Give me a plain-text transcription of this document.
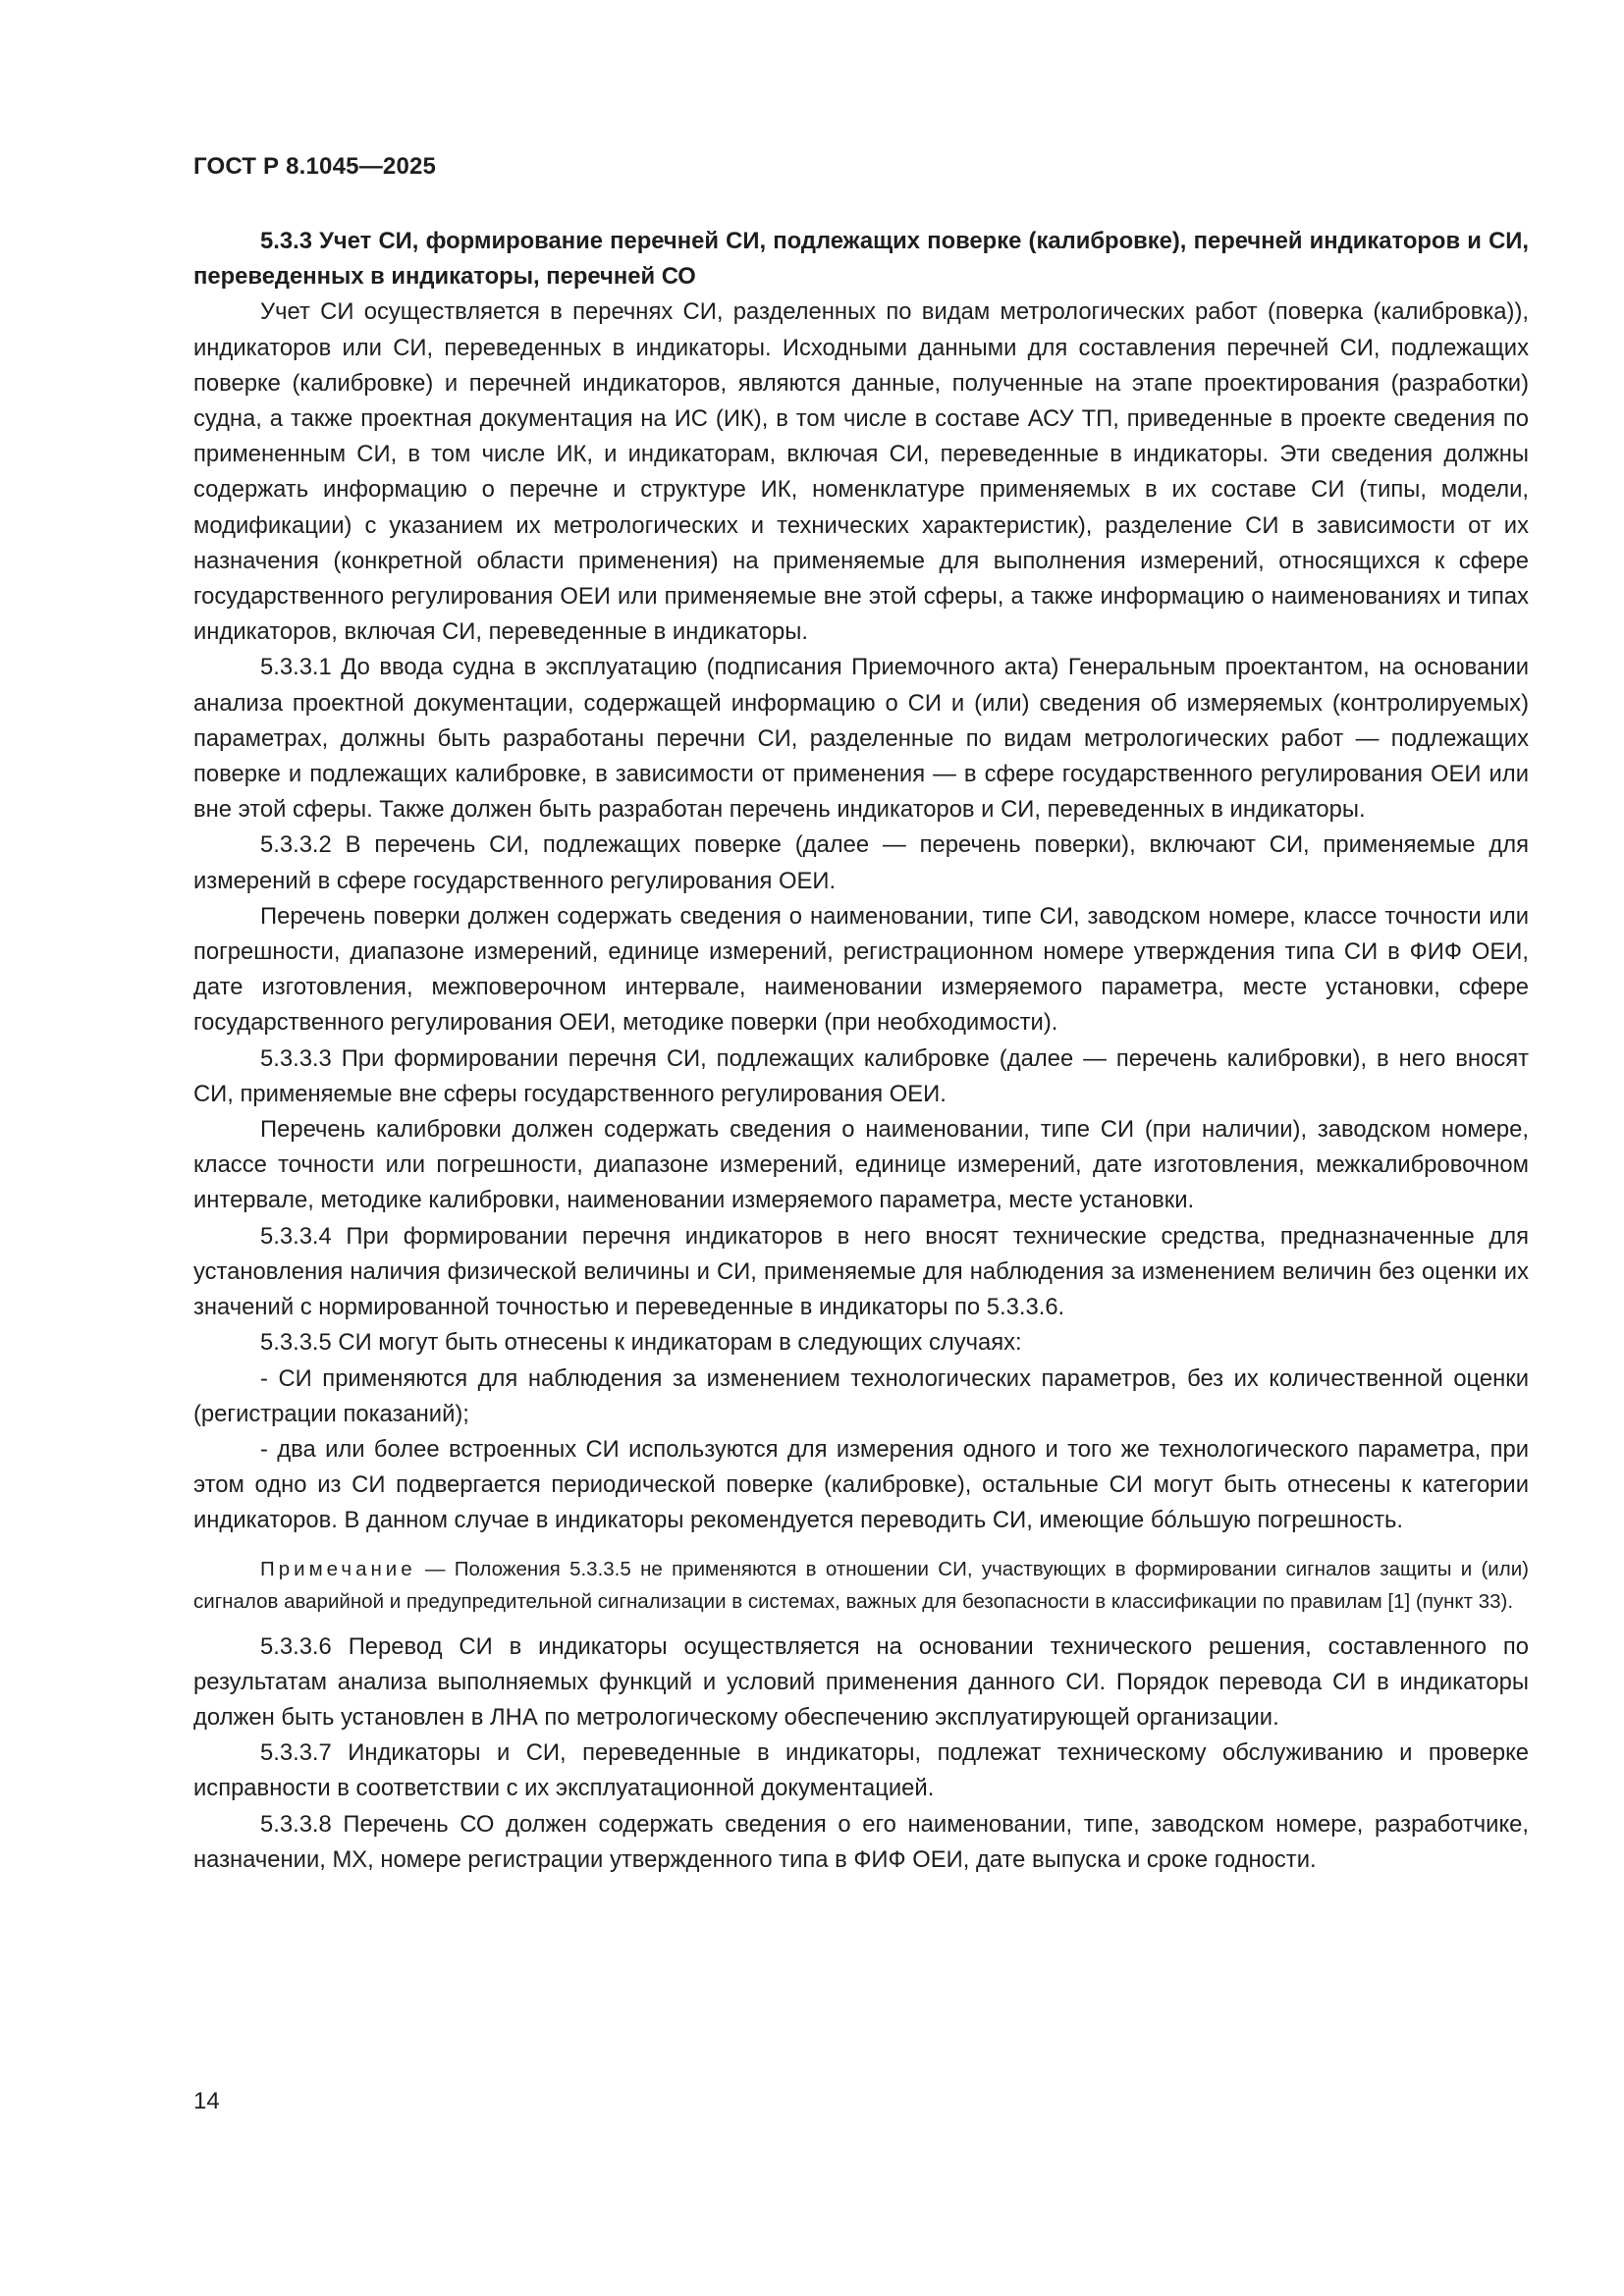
ГОСТ Р 8.1045—2025

5.3.3 Учет СИ, формирование перечней СИ, подлежащих поверке (калибровке), перечней индикаторов и СИ, переведенных в индикаторы, перечней СО

Учет СИ осуществляется в перечнях СИ, разделенных по видам метрологических работ (поверка (калибровка)), индикаторов или СИ, переведенных в индикаторы. Исходными данными для составления перечней СИ, подлежащих поверке (калибровке) и перечней индикаторов, являются данные, полученные на этапе проектирования (разработки) судна, а также проектная документация на ИС (ИК), в том числе в составе АСУ ТП, приведенные в проекте сведения по примененным СИ, в том числе ИК, и индикаторам, включая СИ, переведенные в индикаторы. Эти сведения должны содержать информацию о перечне и структуре ИК, номенклатуре применяемых в их составе СИ (типы, модели, модификации) с указанием их метрологических и технических характеристик), разделение СИ в зависимости от их назначения (конкретной области применения) на применяемые для выполнения измерений, относящихся к сфере государственного регулирования ОЕИ или применяемые вне этой сферы, а также информацию о наименованиях и типах индикаторов, включая СИ, переведенные в индикаторы.

5.3.3.1 До ввода судна в эксплуатацию (подписания Приемочного акта) Генеральным проектантом, на основании анализа проектной документации, содержащей информацию о СИ и (или) сведения об измеряемых (контролируемых) параметрах, должны быть разработаны перечни СИ, разделенные по видам метрологических работ — подлежащих поверке и подлежащих калибровке, в зависимости от применения — в сфере государственного регулирования ОЕИ или вне этой сферы. Также должен быть разработан перечень индикаторов и СИ, переведенных в индикаторы.

5.3.3.2 В перечень СИ, подлежащих поверке (далее — перечень поверки), включают СИ, применяемые для измерений в сфере государственного регулирования ОЕИ.

Перечень поверки должен содержать сведения о наименовании, типе СИ, заводском номере, классе точности или погрешности, диапазоне измерений, единице измерений, регистрационном номере утверждения типа СИ в ФИФ ОЕИ, дате изготовления, межповерочном интервале, наименовании измеряемого параметра, месте установки, сфере государственного регулирования ОЕИ, методике поверки (при необходимости).

5.3.3.3 При формировании перечня СИ, подлежащих калибровке (далее — перечень калибровки), в него вносят СИ, применяемые вне сферы государственного регулирования ОЕИ.

Перечень калибровки должен содержать сведения о наименовании, типе СИ (при наличии), заводском номере, классе точности или погрешности, диапазоне измерений, единице измерений, дате изготовления, межкалибровочном интервале, методике калибровки, наименовании измеряемого параметра, месте установки.

5.3.3.4 При формировании перечня индикаторов в него вносят технические средства, предназначенные для установления наличия физической величины и СИ, применяемые для наблюдения за изменением величин без оценки их значений с нормированной точностью и переведенные в индикаторы по 5.3.3.6.

5.3.3.5 СИ могут быть отнесены к индикаторам в следующих случаях:

- СИ применяются для наблюдения за изменением технологических параметров, без их количественной оценки (регистрации показаний);

- два или более встроенных СИ используются для измерения одного и того же технологического параметра, при этом одно из СИ подвергается периодической поверке (калибровке), остальные СИ могут быть отнесены к категории индикаторов. В данном случае в индикаторы рекомендуется переводить СИ, имеющие бóльшую погрешность.

Примечание — Положения 5.3.3.5 не применяются в отношении СИ, участвующих в формировании сигналов защиты и (или) сигналов аварийной и предупредительной сигнализации в системах, важных для безопасности в классификации по правилам [1] (пункт 33).

5.3.3.6 Перевод СИ в индикаторы осуществляется на основании технического решения, составленного по результатам анализа выполняемых функций и условий применения данного СИ. Порядок перевода СИ в индикаторы должен быть установлен в ЛНА по метрологическому обеспечению эксплуатирующей организации.

5.3.3.7 Индикаторы и СИ, переведенные в индикаторы, подлежат техническому обслуживанию и проверке исправности в соответствии с их эксплуатационной документацией.

5.3.3.8 Перечень СО должен содержать сведения о его наименовании, типе, заводском номере, разработчике, назначении, МХ, номере регистрации утвержденного типа в ФИФ ОЕИ, дате выпуска и сроке годности.

14
